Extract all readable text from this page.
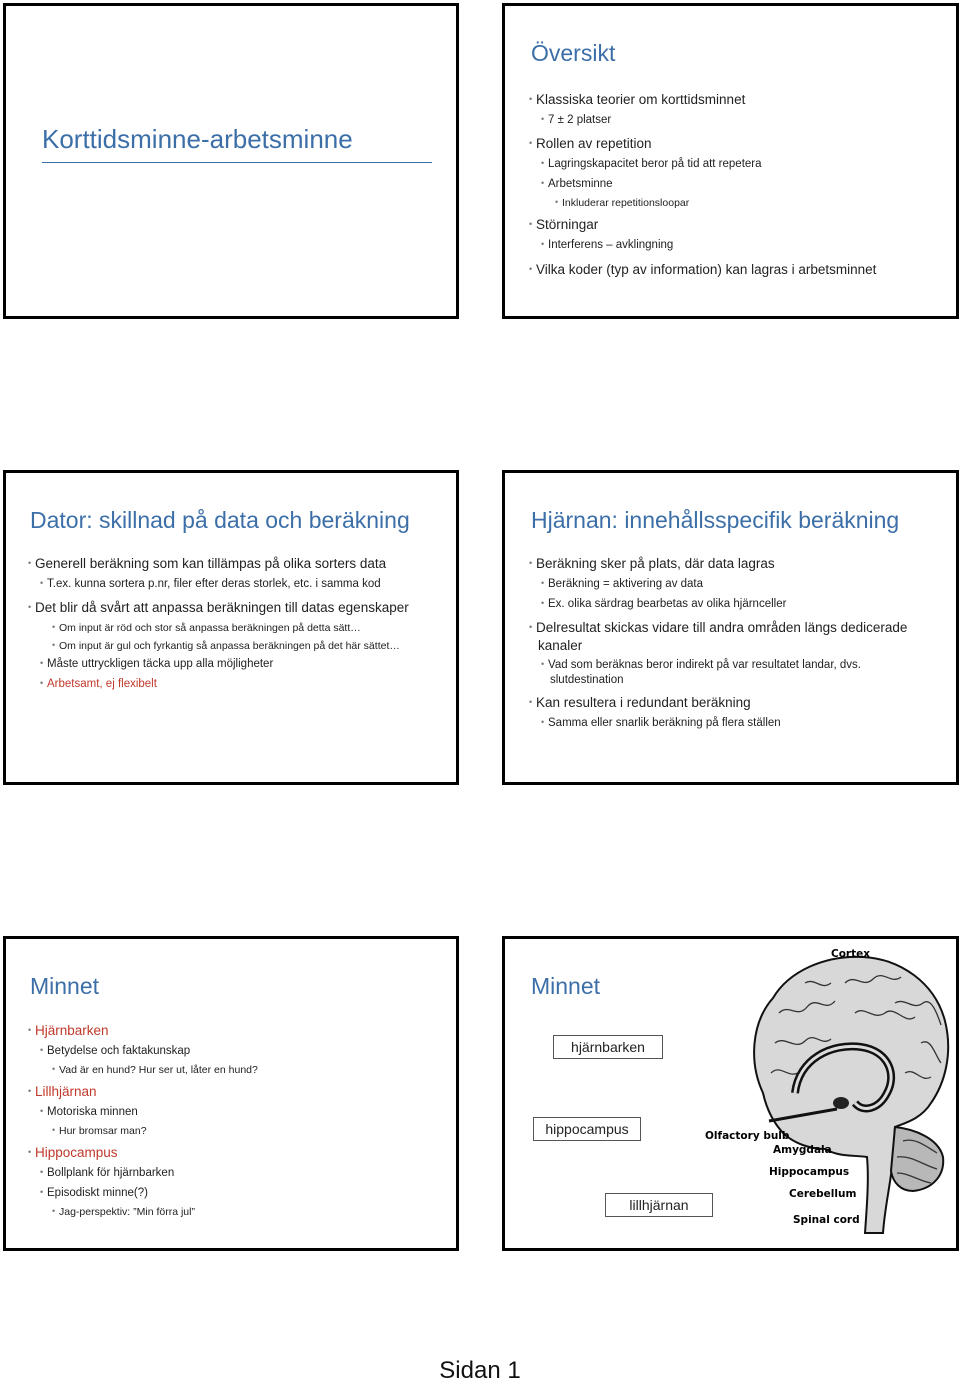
Korttidsminne-arbetsminne
Översikt
• Klassiska teorier om korttidsminnet
• 7 ± 2 platser
• Rollen av repetition
• Lagringskapacitet beror på tid att repetera
• Arbetsminne
• Inkluderar repetitionsloopar
• Störningar
• Interferens – avklingning
• Vilka koder (typ av information) kan lagras i arbetsminnet
Dator: skillnad på data och beräkning
• Generell beräkning som kan tillämpas på olika sorters data
• T.ex. kunna sortera p.nr, filer efter deras storlek, etc. i samma kod
• Det blir då svårt att anpassa beräkningen till datas egenskaper
• Om input är röd och stor så anpassa beräkningen på detta sätt…
• Om input är gul och fyrkantig så anpassa beräkningen på det här sättet…
• Måste uttryckligen täcka upp alla möjligheter
• Arbetsamt, ej flexibelt
Hjärnan: innehållsspecifik beräkning
• Beräkning sker på plats, där data lagras
• Beräkning = aktivering av data
• Ex. olika särdrag bearbetas av olika hjärnceller
• Delresultat skickas vidare till andra områden längs dedicerade
kanaler
• Vad som beräknas beror indirekt på var resultatet landar, dvs.
slutdestination
• Kan resultera i redundant beräkning
• Samma eller snarlik beräkning på flera ställen
Minnet
• Hjärnbarken
• Betydelse och faktakunskap
• Vad är en hund? Hur ser ut, låter en hund?
• Lillhjärnan
• Motoriska minnen
• Hur bromsar man?
• Hippocampus
• Bollplank för hjärnbarken
• Episodiskt minne(?)
• Jag-perspektiv: ”Min förra jul”
Minnet
Cortex
Olfactory bulb
Amygdala
Hippocampus
Cerebellum
Spinal cord
hjärnbarken
hippocampus
lillhjärnan
Sidan 1
